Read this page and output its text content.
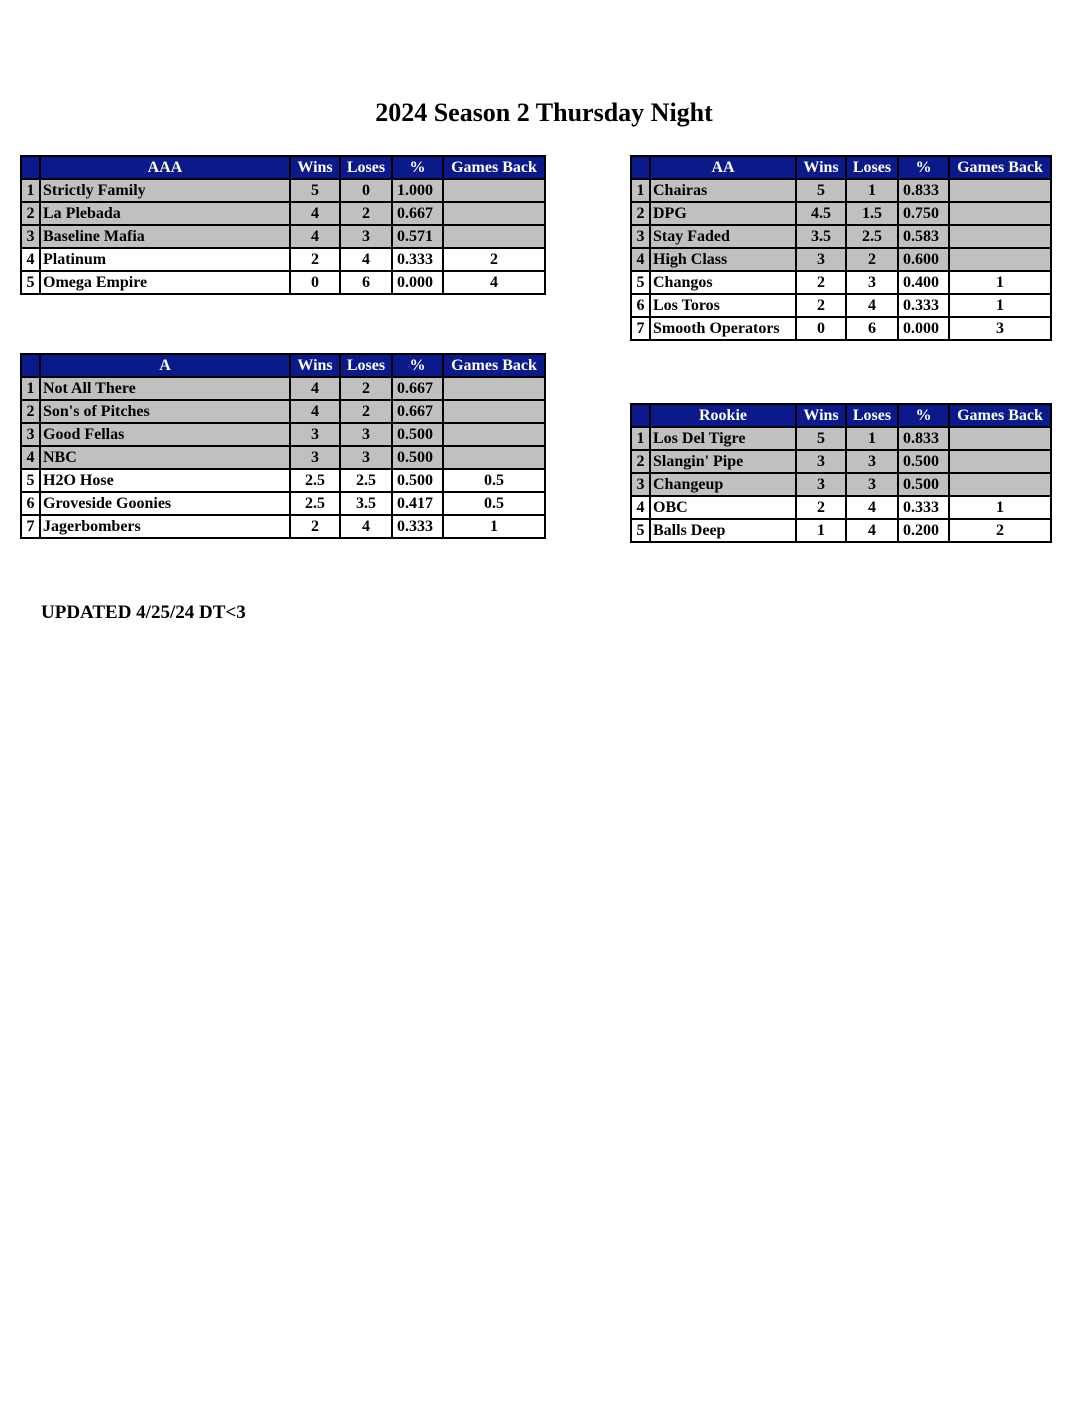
2024 Season 2 Thursday Night
	AAA	Wins	Loses	%	Games Back
1	Strictly Family	5	0	1.000	
2	La Plebada	4	2	0.667	
3	Baseline Mafia	4	3	0.571	
4	Platinum	2	4	0.333	2
5	Omega Empire	0	6	0.000	4
	AA	Wins	Loses	%	Games Back
1	Chairas	5	1	0.833	
2	DPG	4.5	1.5	0.750	
3	Stay Faded	3.5	2.5	0.583	
4	High Class	3	2	0.600	
5	Changos	2	3	0.400	1
6	Los Toros	2	4	0.333	1
7	Smooth Operators	0	6	0.000	3
	A	Wins	Loses	%	Games Back
1	Not All There	4	2	0.667	
2	Son's of Pitches	4	2	0.667	
3	Good Fellas	3	3	0.500	
4	NBC	3	3	0.500	
5	H2O Hose	2.5	2.5	0.500	0.5
6	Groveside Goonies	2.5	3.5	0.417	0.5
7	Jagerbombers	2	4	0.333	1
	Rookie	Wins	Loses	%	Games Back
1	Los Del Tigre	5	1	0.833	
2	Slangin' Pipe	3	3	0.500	
3	Changeup	3	3	0.500	
4	OBC	2	4	0.333	1
5	Balls Deep	1	4	0.200	2
UPDATED 4/25/24 DT<3
